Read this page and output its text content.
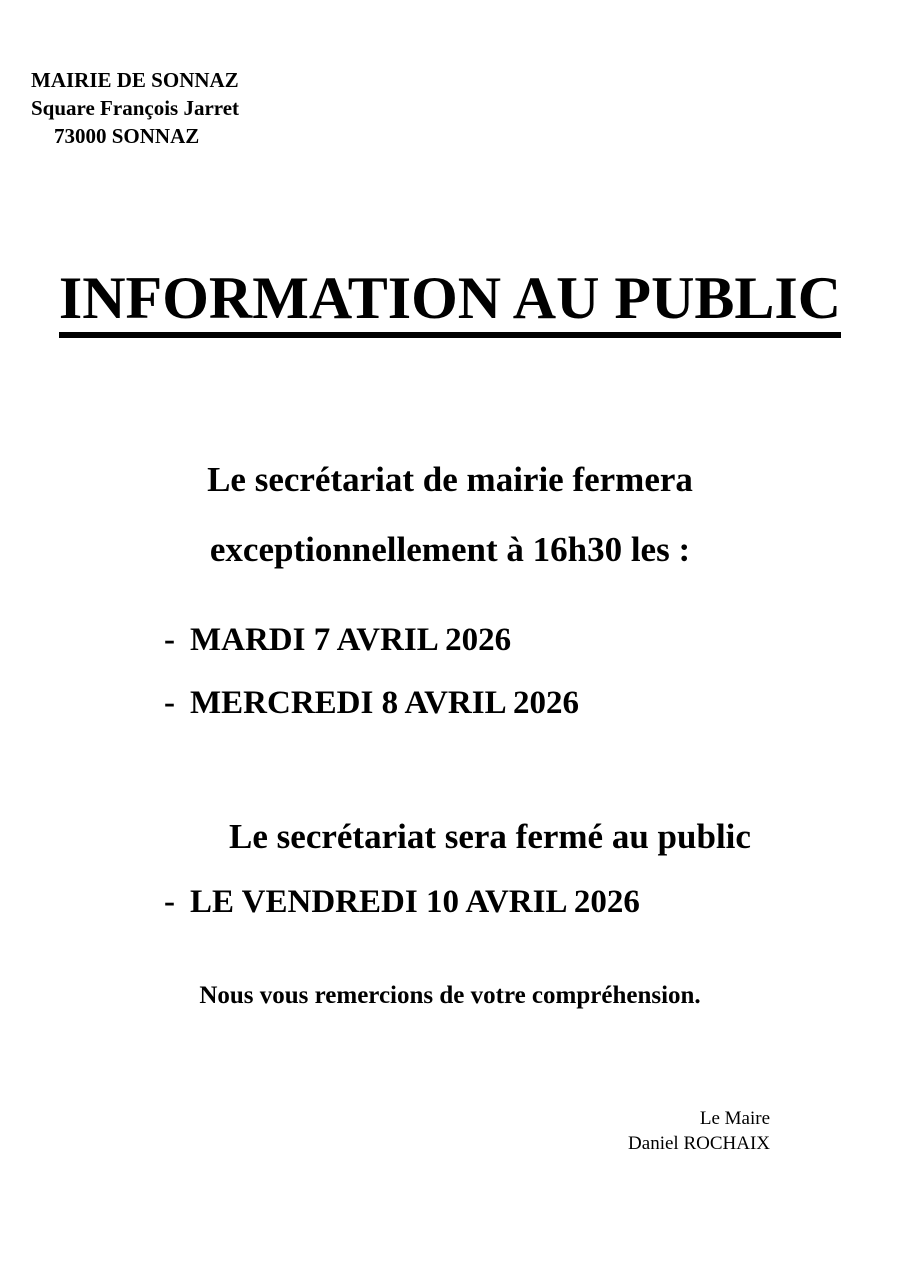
MAIRIE DE SONNAZ
Square François Jarret
73000 SONNAZ
INFORMATION AU PUBLIC
Le secrétariat de mairie fermera
exceptionnellement à 16h30 les :
- MARDI 7 AVRIL 2026
- MERCREDI 8 AVRIL 2026
Le secrétariat sera fermé au public
- LE VENDREDI 10 AVRIL 2026
Nous vous remercions de votre compréhension.
Le Maire
Daniel ROCHAIX
